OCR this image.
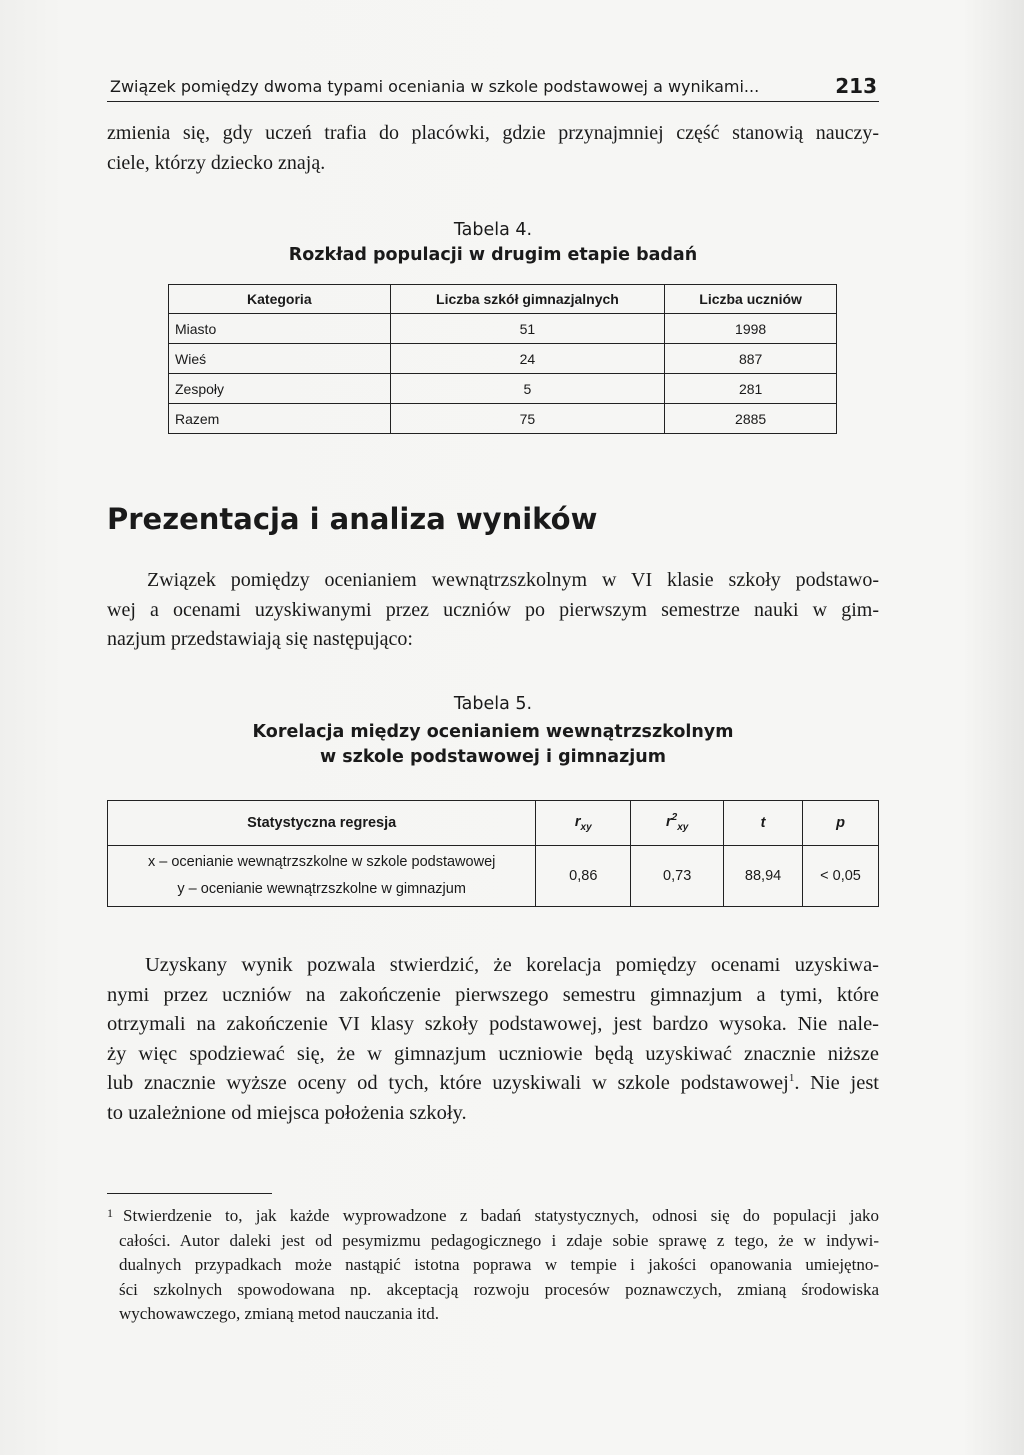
Związek pomiędzy dwoma typami oceniania w szkole podstawowej a wynikami...	213
zmienia się, gdy uczeń trafia do placówki, gdzie przynajmniej część stanowią nauczy-
ciele, którzy dziecko znają.
Tabela 4.
Rozkład populacji w drugim etapie badań
Kategoria	Liczba szkół gimnazjalnych	Liczba uczniów
Miasto	51	1998
Wieś	24	887
Zespoły	5	281
Razem	75	2885
Prezentacja i analiza wyników
Związek pomiędzy ocenianiem wewnątrzszkolnym w VI klasie szkoły podstawo-
wej a ocenami uzyskiwanymi przez uczniów po pierwszym semestrze nauki w gim-
nazjum przedstawiają się następująco:
Tabela 5.
Korelacja między ocenianiem wewnątrzszkolnym
w szkole podstawowej i gimnazjum
Statystyczna regresja	$r_{xy}$	$r^2_{xy}$	t	p

x – ocenianie wewnątrzszkolne w szkole podstawowej
y – ocenianie wewnątrzszkolne w gimnazjum	0,86	0,73	88,94	< 0,05
Uzyskany wynik pozwala stwierdzić, że korelacja pomiędzy ocenami uzyskiwa-
nymi przez uczniów na zakończenie pierwszego semestru gimnazjum a tymi, które
otrzymali na zakończenie VI klasy szkoły podstawowej, jest bardzo wysoka. Nie nale-
ży więc spodziewać się, że w gimnazjum uczniowie będą uzyskiwać znacznie niższe
lub znacznie wyższe oceny od tych, które uzyskiwali w szkole podstawowej$^1$. Nie jest
to uzależnione od miejsca położenia szkoły.
1 Stwierdzenie to, jak każde wyprowadzone z badań statystycznych, odnosi się do populacji jako
całości. Autor daleki jest od pesymizmu pedagogicznego i zdaje sobie sprawę z tego, że w indywi-
dualnych przypadkach może nastąpić istotna poprawa w tempie i jakości opanowania umiejętno-
ści szkolnych spowodowana np. akceptacją rozwoju procesów poznawczych, zmianą środowiska
wychowawczego, zmianą metod nauczania itd.
